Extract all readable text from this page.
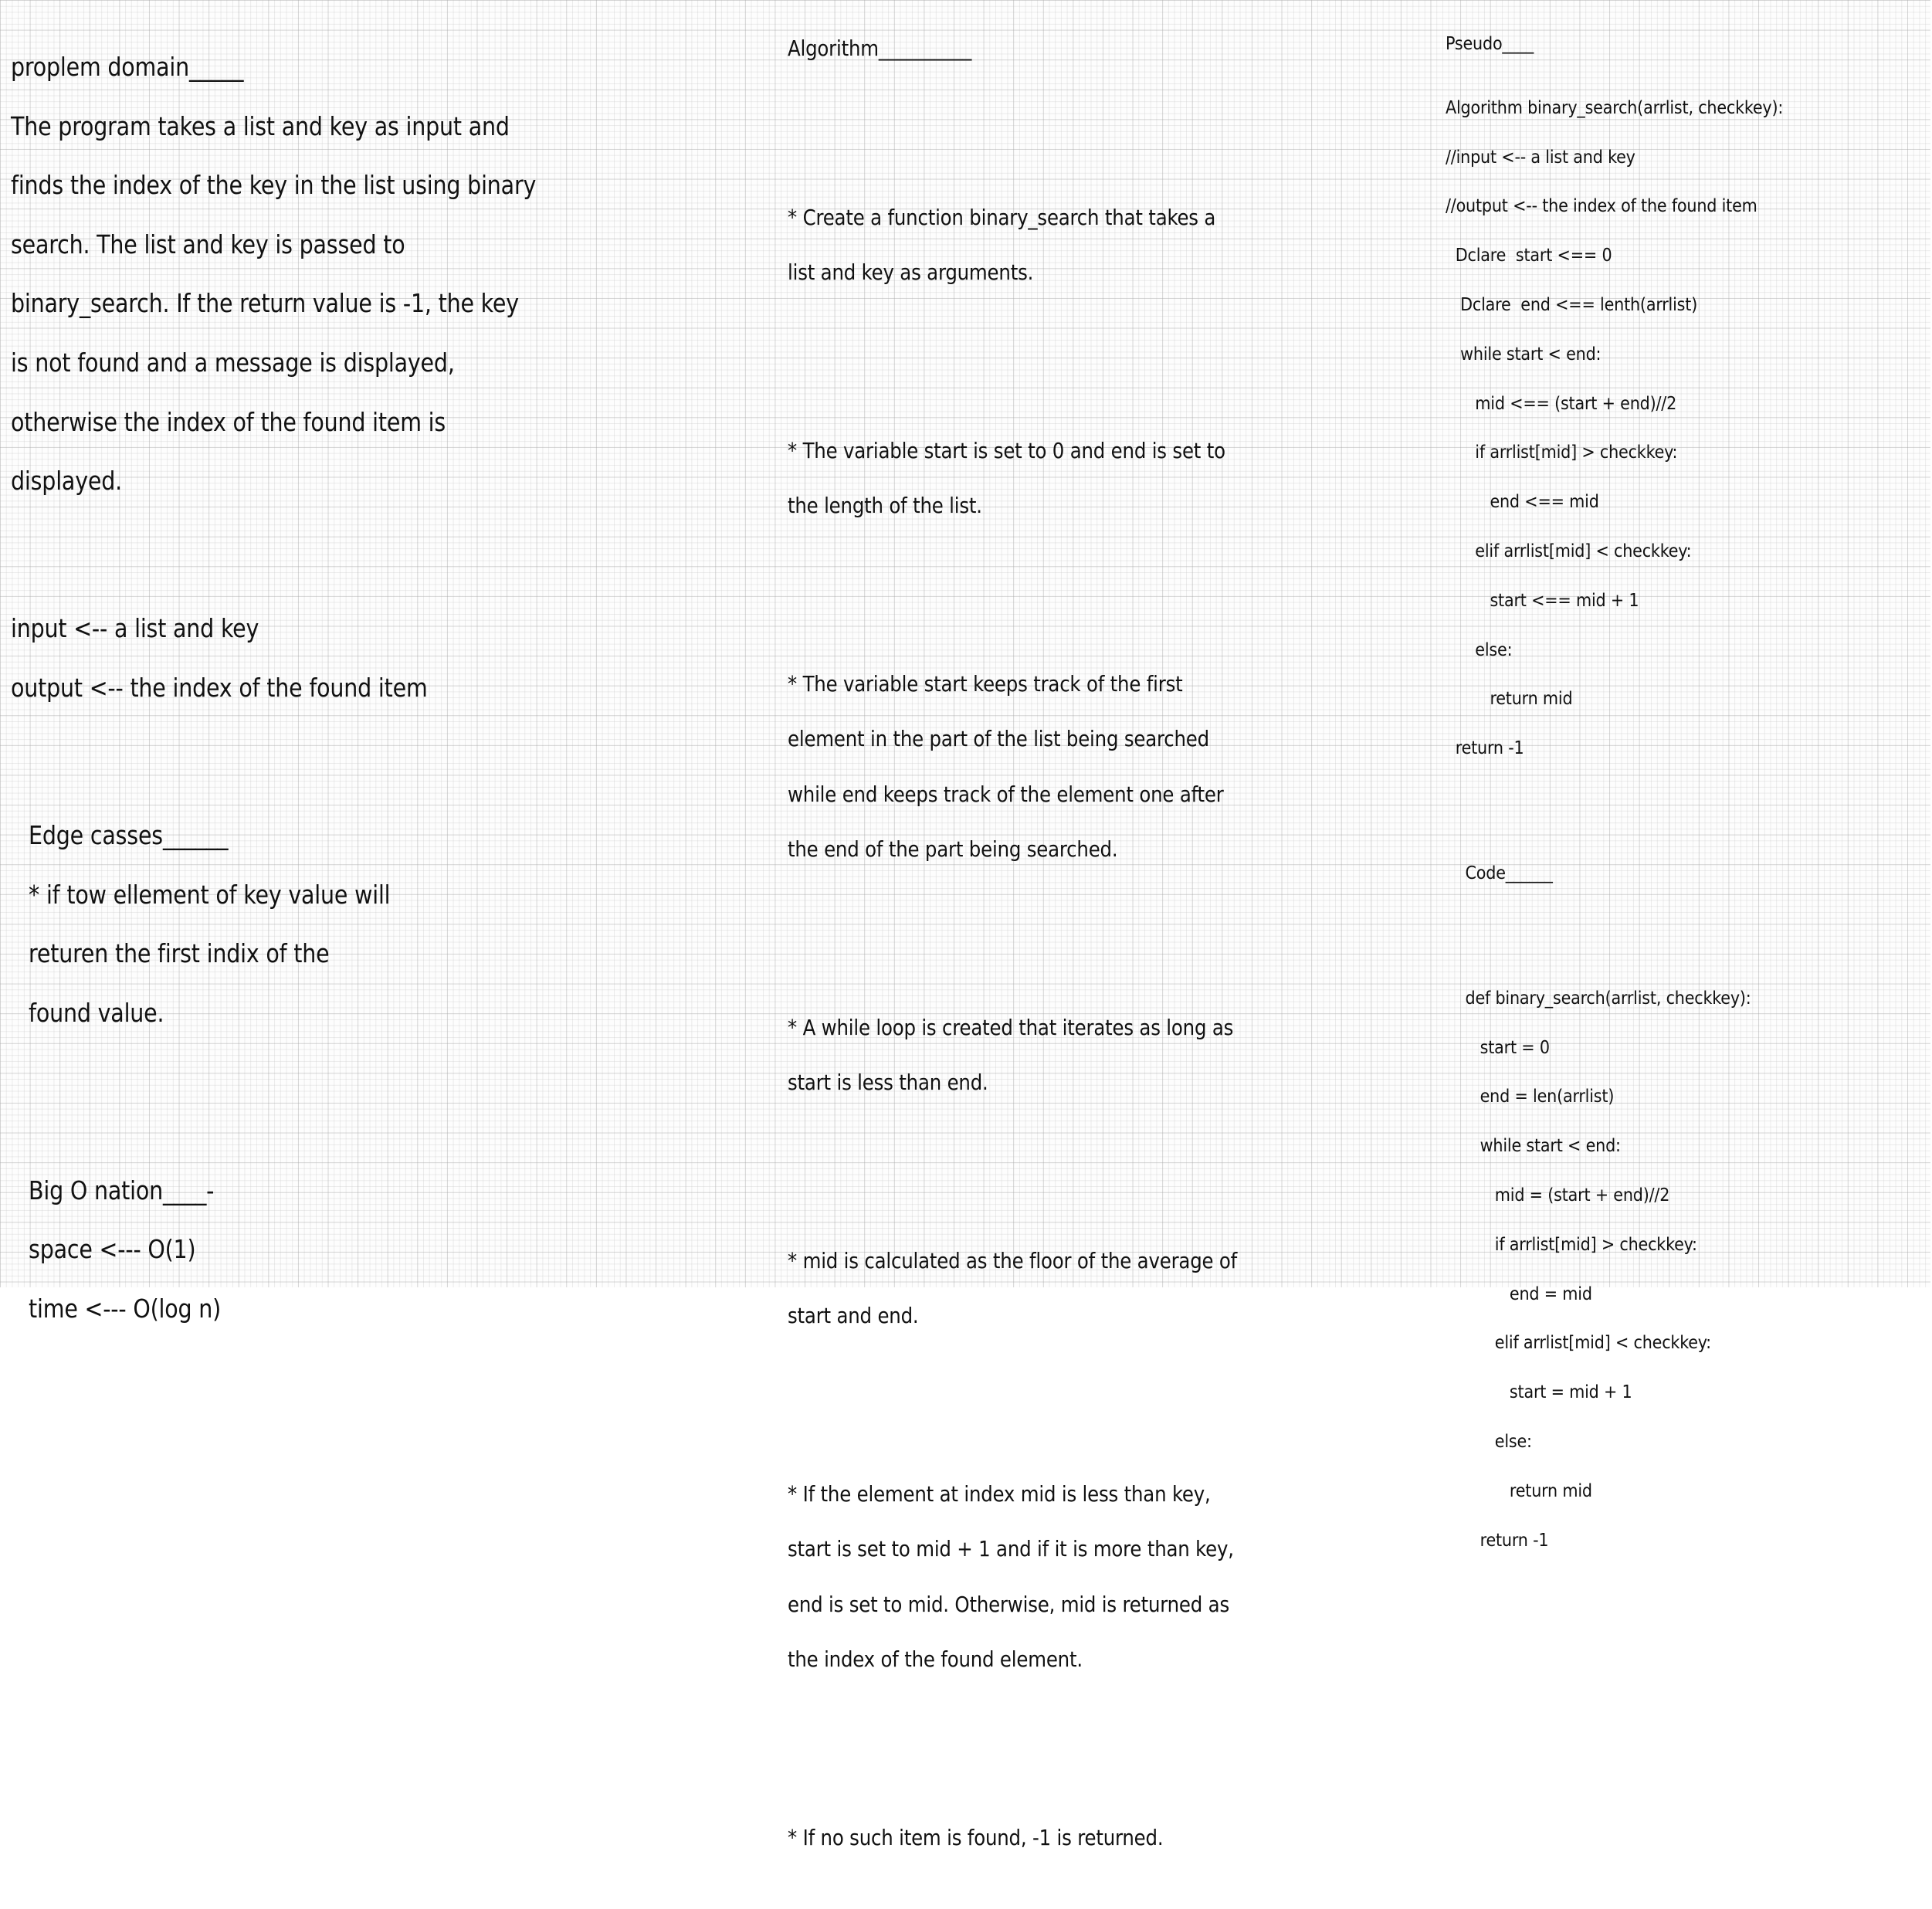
proplem domain_____

The program takes a list and key as input and

finds the index of the key in the list using binary

search. The list and key is passed to

binary_search. If the return value is -1, the key

is not found and a message is displayed,

otherwise the index of the found item is

displayed.

input <-- a list and key

output <-- the index of the found item

Edge casses______

* if tow ellement of key value will

returen the first indix of the

found value.

Big O nation____-

space <--- O(1)

time <--- O(log n)

Algorithm__________

* Create a function binary_search that takes a

list and key as arguments.

* The variable start is set to 0 and end is set to

the length of the list.

* The variable start keeps track of the first

element in the part of the list being searched

while end keeps track of the element one after

the end of the part being searched.

* A while loop is created that iterates as long as

start is less than end.

* mid is calculated as the floor of the average of

start and end.

* If the element at index mid is less than key,

start is set to mid + 1 and if it is more than key,

end is set to mid. Otherwise, mid is returned as

the index of the found element.

* If no such item is found, -1 is returned.

Pseudo____

Algorithm binary_search(arrlist, checkkey):

//input <-- a list and key

//output <-- the index of the found item

Dclare  start <== 0

Dclare  end <== lenth(arrlist)

while start < end:

mid <== (start + end)//2

if arrlist[mid] > checkkey:

end <== mid

elif arrlist[mid] < checkkey:

start <== mid + 1

else:

return mid

return -1

Code______

def binary_search(arrlist, checkkey):

start = 0

end = len(arrlist)

while start < end:

mid = (start + end)//2

if arrlist[mid] > checkkey:

end = mid

elif arrlist[mid] < checkkey:

start = mid + 1

else:

return mid

return -1
